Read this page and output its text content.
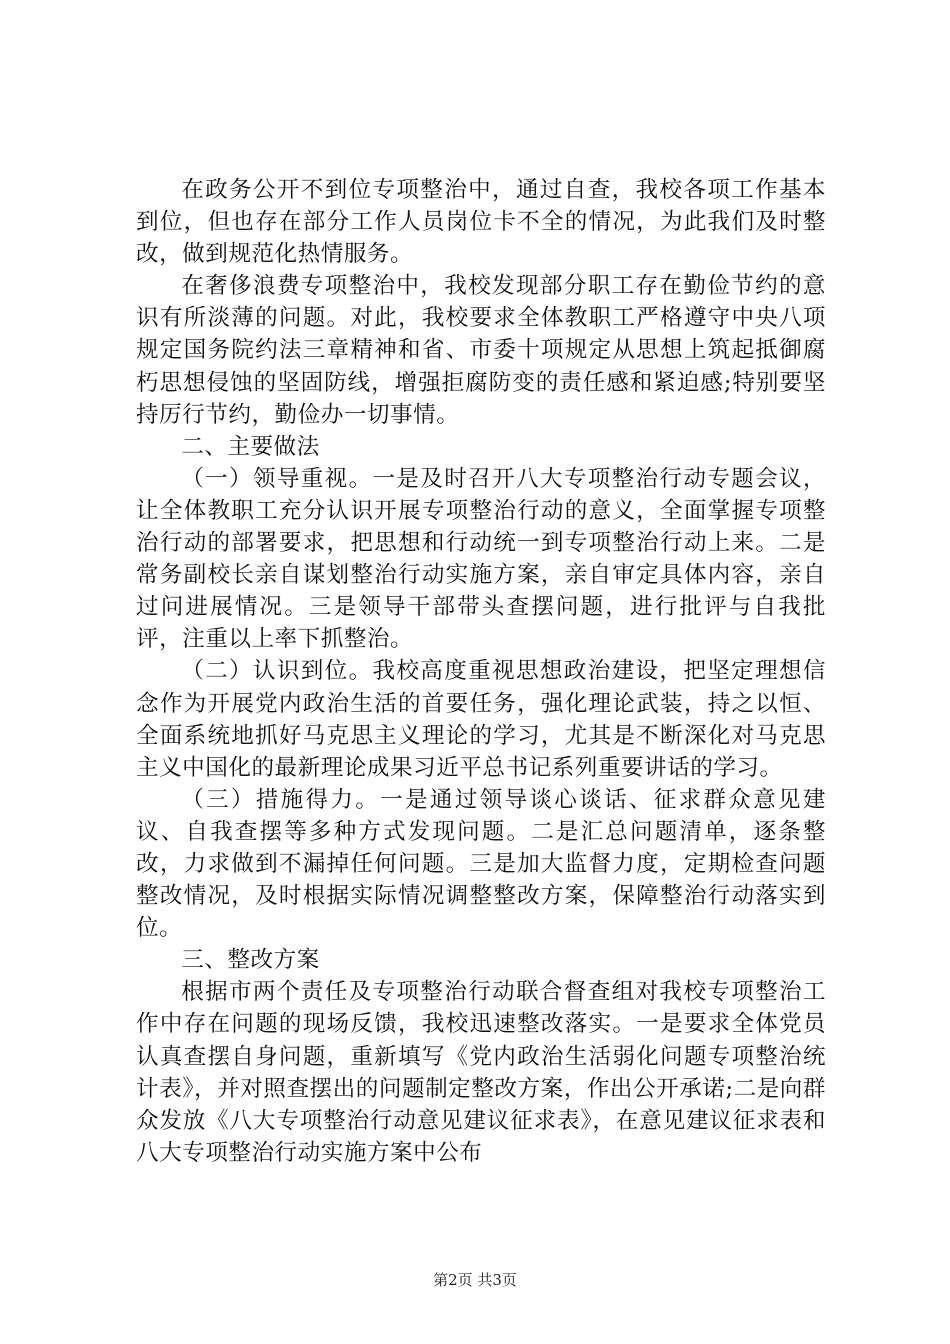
在政务公开不到位专项整治中，通过自查，我校各项工作基本到位，但也存在部分工作人员岗位卡不全的情况，为此我们及时整改，做到规范化热情服务。

在奢侈浪费专项整治中，我校发现部分职工存在勤俭节约的意识有所淡薄的问题。对此，我校要求全体教职工严格遵守中央八项规定国务院约法三章精神和省、市委十项规定从思想上筑起抵御腐朽思想侵蚀的坚固防线，增强拒腐防变的责任感和紧迫感;特别要坚持厉行节约，勤俭办一切事情。

二、主要做法

（一）领导重视。一是及时召开八大专项整治行动专题会议，让全体教职工充分认识开展专项整治行动的意义，全面掌握专项整治行动的部署要求，把思想和行动统一到专项整治行动上来。二是常务副校长亲自谋划整治行动实施方案，亲自审定具体内容，亲自过问进展情况。三是领导干部带头查摆问题，进行批评与自我批评，注重以上率下抓整治。

（二）认识到位。我校高度重视思想政治建设，把坚定理想信念作为开展党内政治生活的首要任务，强化理论武装，持之以恒、全面系统地抓好马克思主义理论的学习，尤其是不断深化对马克思主义中国化的最新理论成果习近平总书记系列重要讲话的学习。

（三）措施得力。一是通过领导谈心谈话、征求群众意见建议、自我查摆等多种方式发现问题。二是汇总问题清单，逐条整改，力求做到不漏掉任何问题。三是加大监督力度，定期检查问题整改情况，及时根据实际情况调整整改方案，保障整治行动落实到位。

三、整改方案

根据市两个责任及专项整治行动联合督查组对我校专项整治工作中存在问题的现场反馈，我校迅速整改落实。一是要求全体党员认真查摆自身问题，重新填写《党内政治生活弱化问题专项整治统计表》，并对照查摆出的问题制定整改方案，作出公开承诺;二是向群众发放《八大专项整治行动意见建议征求表》，在意见建议征求表和八大专项整治行动实施方案中公布

第2页 共3页
